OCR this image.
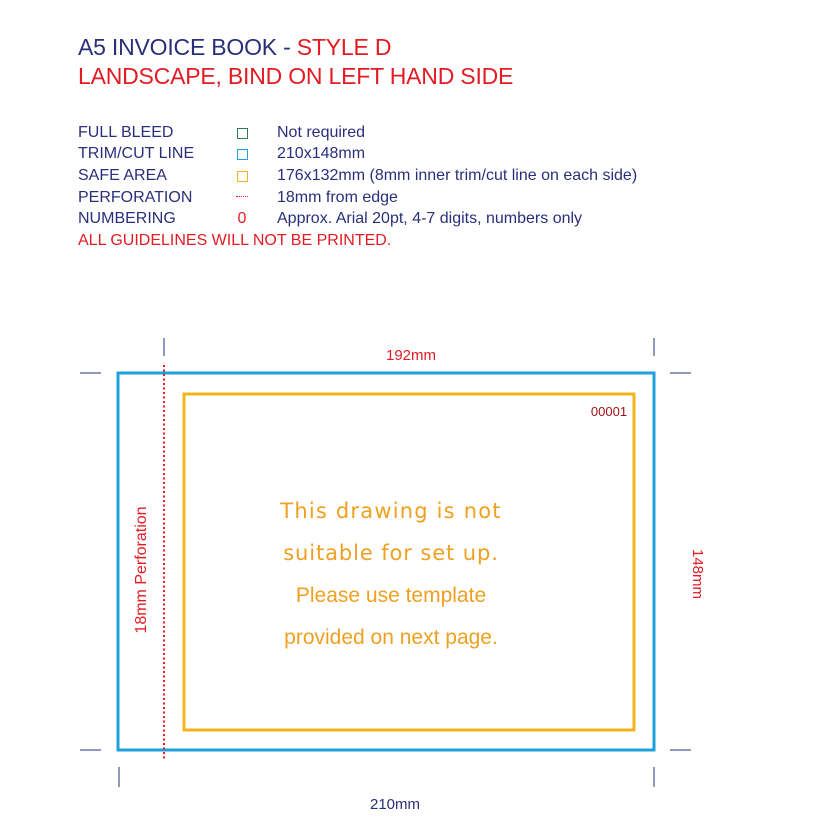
A5 INVOICE BOOK - STYLE D
LANDSCAPE, BIND ON LEFT HAND SIDE
FULL BLEED	Not required
TRIM/CUT LINE	210x148mm
SAFE AREA	176x132mm (8mm inner trim/cut line on each side)
PERFORATION	18mm from edge
NUMBERING	0 Approx. Arial 20pt, 4-7 digits, numbers only
ALL GUIDELINES WILL NOT BE PRINTED.
192mm
210mm
148mm
18mm Perforation
00001
This drawing is not
suitable for set up.
Please use template
provided on next page.
